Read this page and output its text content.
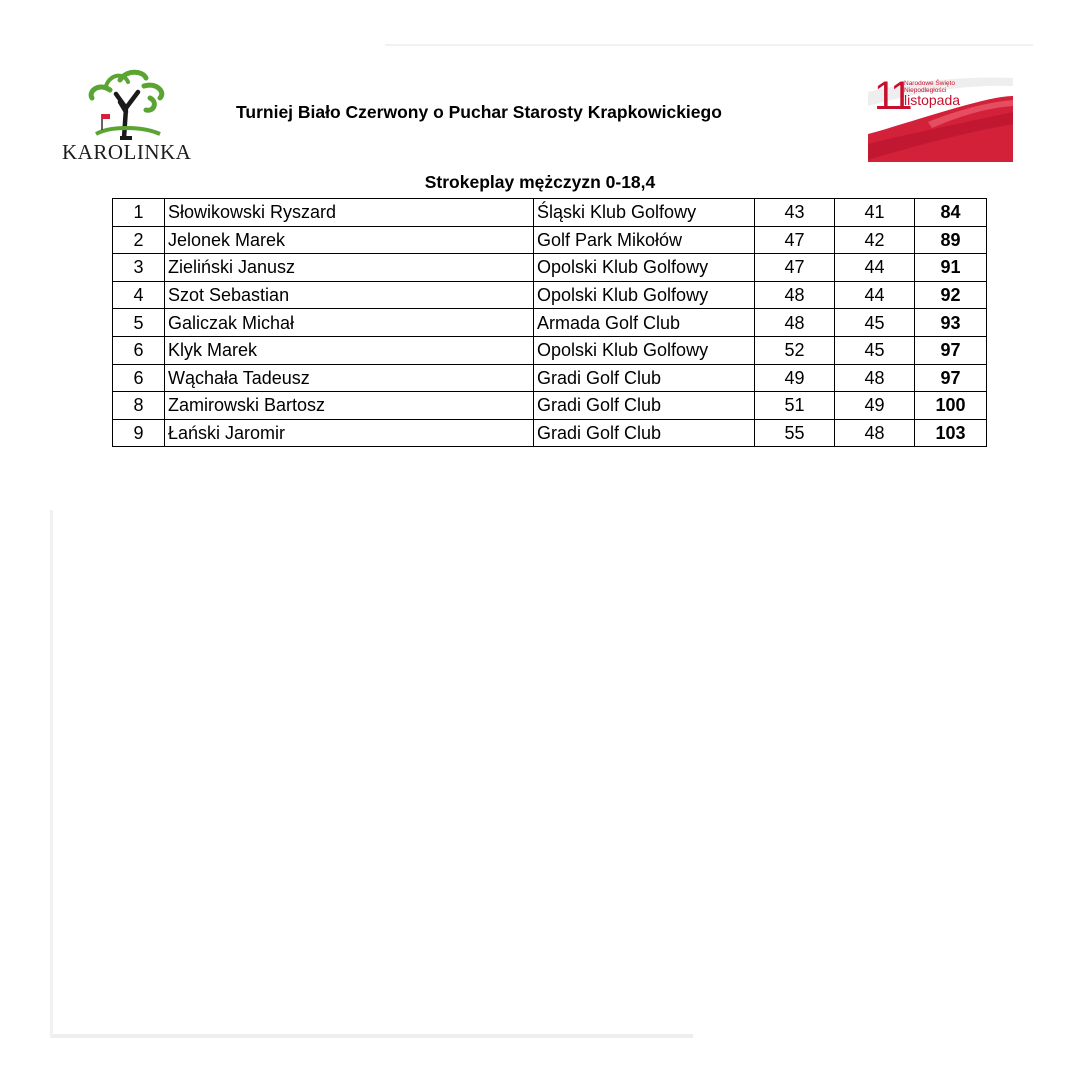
KAROLINKA
Turniej Biało Czerwony o Puchar Starosty Krapkowickiego	11
Narodowe Święto
Niepodległości
listopada
Strokeplay mężczyzn 0-18,4
1	Słowikowski Ryszard	Śląski Klub Golfowy	43	41	84
2	Jelonek Marek	Golf Park Mikołów	47	42	89
3	Zieliński Janusz	Opolski Klub Golfowy	47	44	91
4	Szot Sebastian	Opolski Klub Golfowy	48	44	92
5	Galiczak Michał	Armada Golf Club	48	45	93
6	Klyk Marek	Opolski Klub Golfowy	52	45	97
6	Wąchała Tadeusz	Gradi Golf Club	49	48	97
8	Zamirowski Bartosz	Gradi Golf Club	51	49	100
9	Łański Jaromir	Gradi Golf Club	55	48	103
